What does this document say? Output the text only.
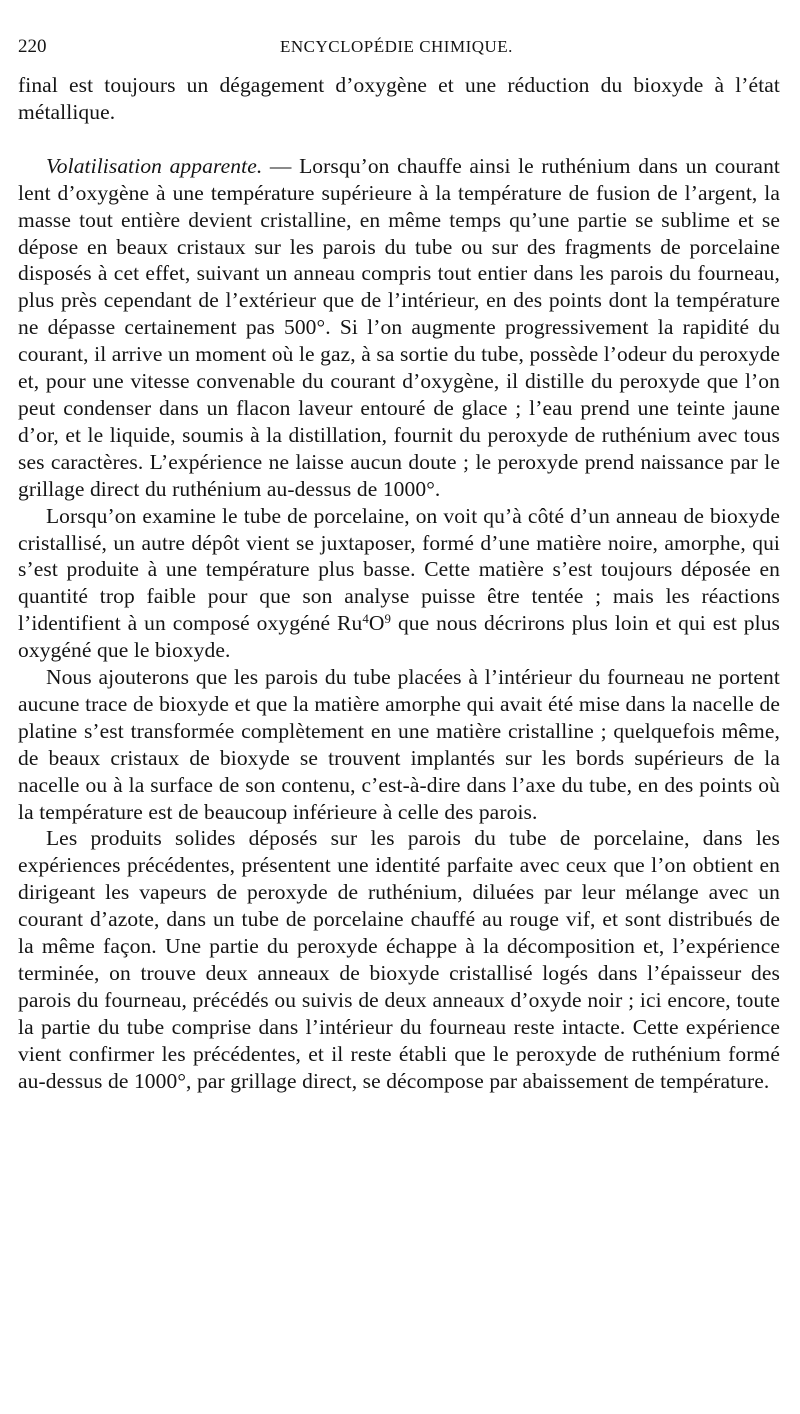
220	ENCYCLOPÉDIE CHIMIQUE.

final est toujours un dégagement d’oxygène et une réduction du bioxyde à l’état métallique.

Volatilisation apparente. — Lorsqu’on chauffe ainsi le ruthénium dans un courant lent d’oxygène à une température supérieure à la température de fusion de l’argent, la masse tout entière devient cristalline, en même temps qu’une partie se sublime et se dépose en beaux cristaux sur les parois du tube ou sur des fragments de porcelaine disposés à cet effet, suivant un anneau compris tout entier dans les parois du fourneau, plus près cependant de l’extérieur que de l’intérieur, en des points dont la température ne dépasse certainement pas 500°. Si l’on augmente progressivement la rapidité du courant, il arrive un moment où le gaz, à sa sortie du tube, possède l’odeur du peroxyde et, pour une vitesse convenable du courant d’oxygène, il distille du peroxyde que l’on peut condenser dans un flacon laveur entouré de glace ; l’eau prend une teinte jaune d’or, et le liquide, soumis à la distillation, fournit du peroxyde de ruthénium avec tous ses caractères. L’expérience ne laisse aucun doute ; le peroxyde prend naissance par le grillage direct du ruthénium au-dessus de 1000°.

Lorsqu’on examine le tube de porcelaine, on voit qu’à côté d’un anneau de bioxyde cristallisé, un autre dépôt vient se juxtaposer, formé d’une matière noire, amorphe, qui s’est produite à une température plus basse. Cette matière s’est toujours déposée en quantité trop faible pour que son analyse puisse être tentée ; mais les réactions l’identifient à un composé oxygéné $Ru^4O^9$ que nous décrirons plus loin et qui est plus oxygéné que le bioxyde.

Nous ajouterons que les parois du tube placées à l’intérieur du fourneau ne portent aucune trace de bioxyde et que la matière amorphe qui avait été mise dans la nacelle de platine s’est transformée complètement en une matière cristalline ; quelquefois même, de beaux cristaux de bioxyde se trouvent implantés sur les bords supérieurs de la nacelle ou à la surface de son contenu, c’est-à-dire dans l’axe du tube, en des points où la température est de beaucoup inférieure à celle des parois.

Les produits solides déposés sur les parois du tube de porcelaine, dans les expériences précédentes, présentent une identité parfaite avec ceux que l’on obtient en dirigeant les vapeurs de peroxyde de ruthénium, diluées par leur mélange avec un courant d’azote, dans un tube de porcelaine chauffé au rouge vif, et sont distribués de la même façon. Une partie du peroxyde échappe à la décomposition et, l’expérience terminée, on trouve deux anneaux de bioxyde cristallisé logés dans l’épaisseur des parois du fourneau, précédés ou suivis de deux anneaux d’oxyde noir ; ici encore, toute la partie du tube comprise dans l’intérieur du fourneau reste intacte. Cette expérience vient confirmer les précédentes, et il reste établi que le peroxyde de ruthénium formé au-dessus de 1000°, par grillage direct, se décompose par abaissement de température.
